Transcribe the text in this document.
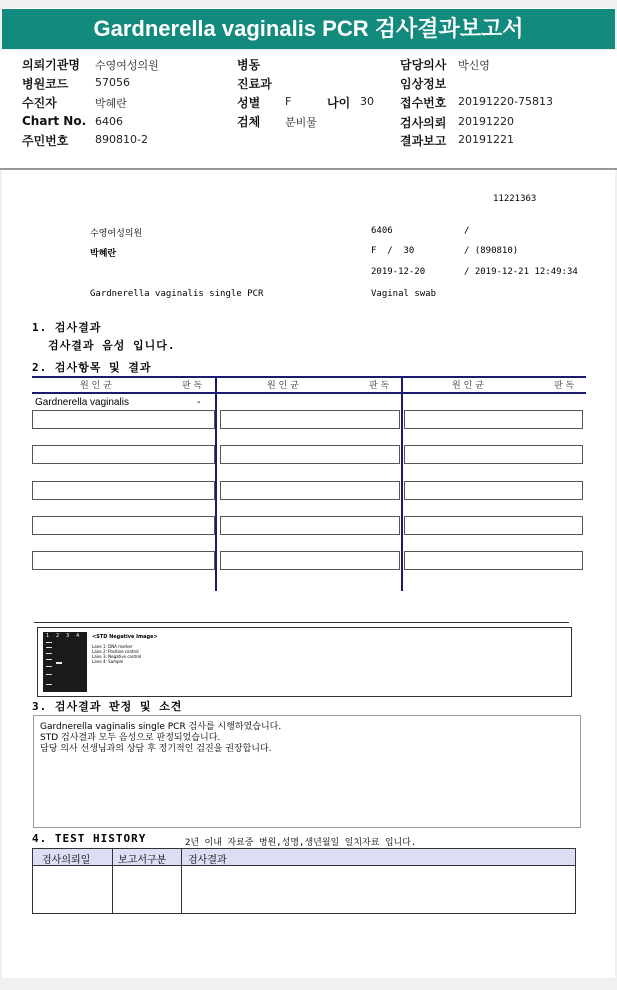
Gardnerella vaginalis PCR 검사결과보고서
의뢰기관명 수영여성의원
병원코드 57056
수진자	박혜란
Chart No. 6406
주민번호 890810-2
병동
진료과
성별 F	나이 30
검체 분비물
담당의사 박신영
임상정보
접수번호 20191220-75813
검사의뢰 20191220
결과보고 20191221
11221363
수영여성의원	6406	/
박혜란	F  /  30	/ (890810)
2019-12-20	/ 2019-12-21 12:49:34
Gardnerella vaginalis single PCR	Vaginal swab
1. 검사결과
검사결과 음성 입니다.
2. 검사항목 및 결과
원 인 균	판 독	원 인 균	판 독	원 인 균	판 독
Gardnerella vaginalis	-
1 2 3 4	<STD Negative Image>
Lane 1: DNA marker
Lane 2: Positive control
Lane 3: Negative control
Lane 4: Sample
3. 검사결과 판정 및 소견
Gardnerella vaginalis single PCR 검사를 시행하였습니다.
STD 검사결과 모두 음성으로 판정되었습니다.
담당 의사 선생님과의 상담 후 정기적인 검진을 권장합니다.
4. TEST HISTORY	2년 이내 자료중 병원,성명,생년월일 일치자료 입니다.
검사의뢰일	보고서구분 검사결과
